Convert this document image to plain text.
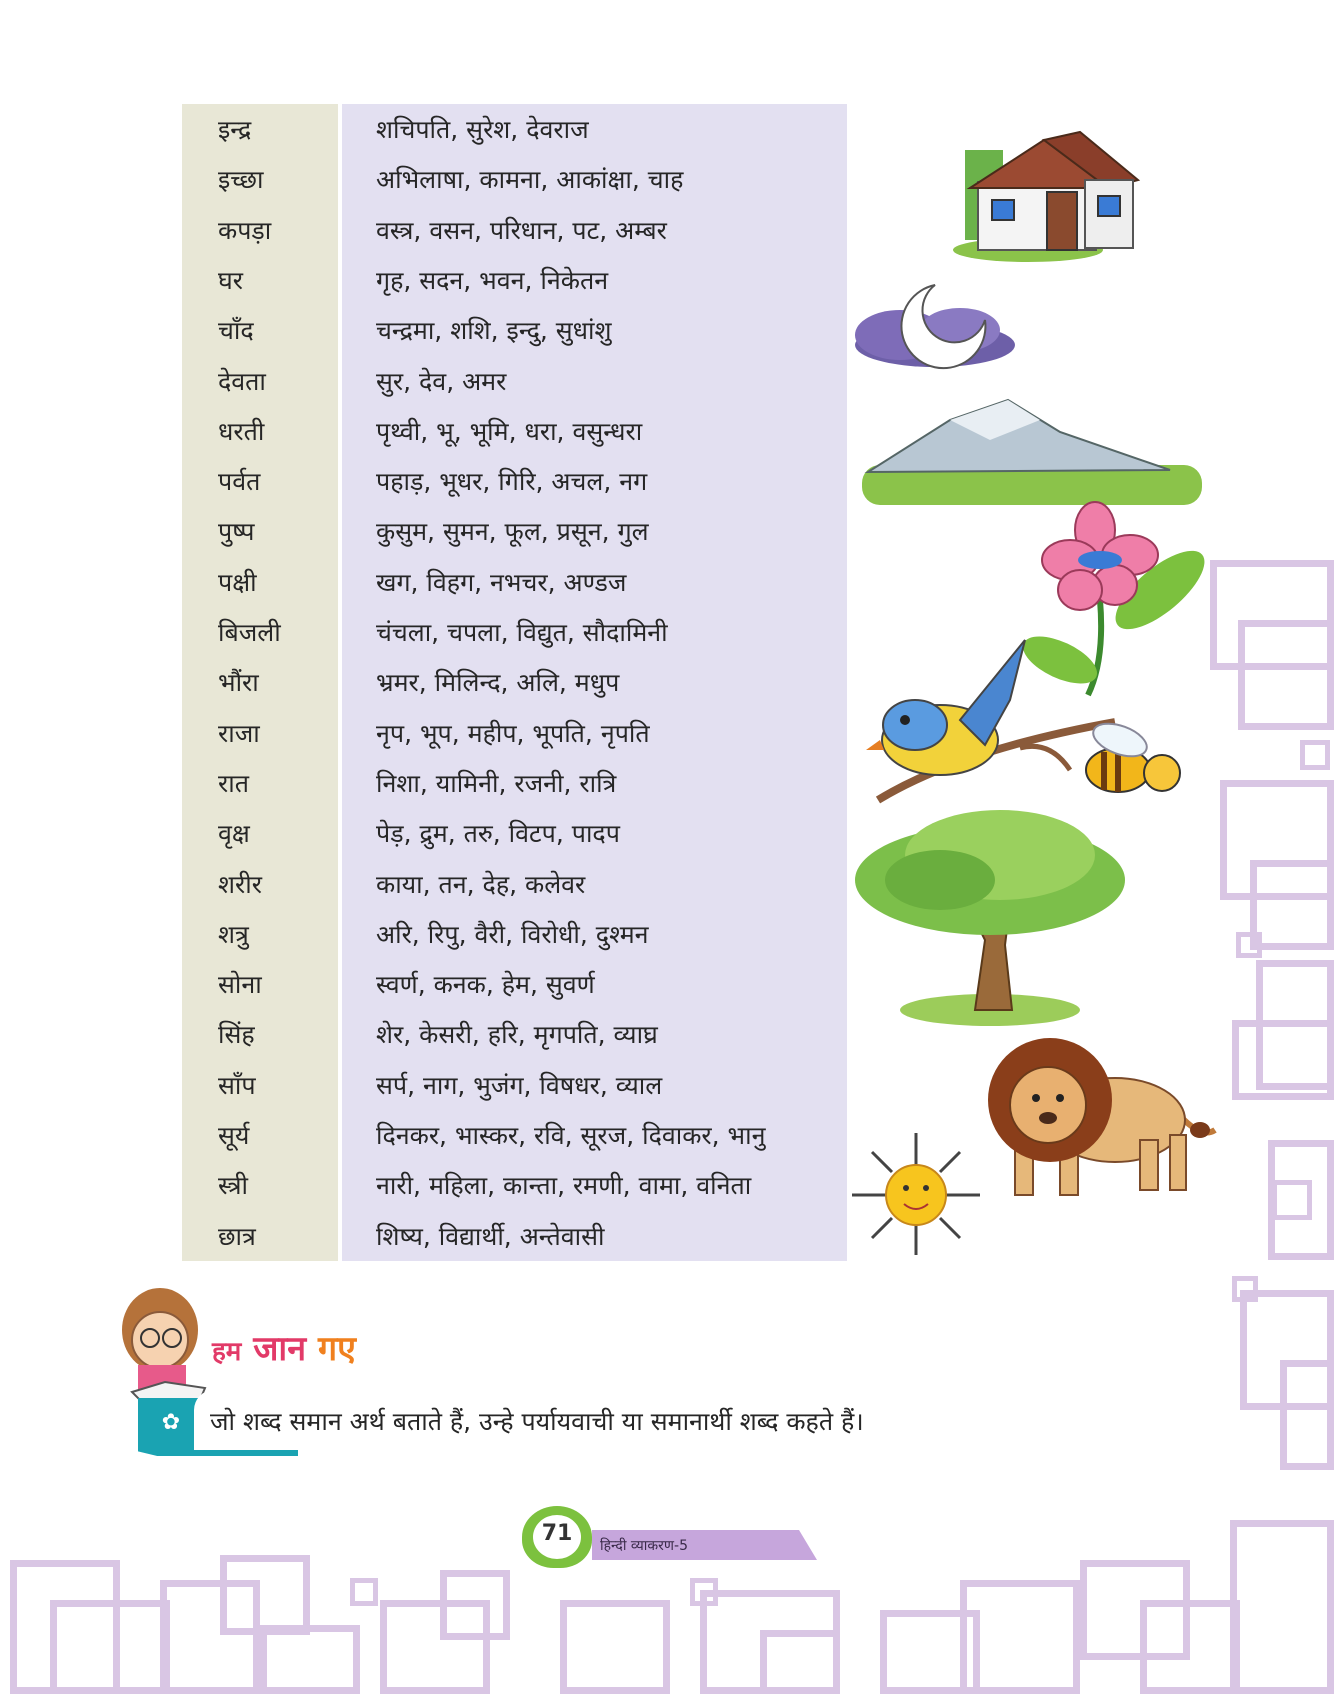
इन्द्र	शचिपति, सुरेश, देवराज
इच्छा	अभिलाषा, कामना, आकांक्षा, चाह
कपड़ा	वस्त्र, वसन, परिधान, पट, अम्बर
घर	गृह, सदन, भवन, निकेतन
चाँद	चन्द्रमा, शशि, इन्दु, सुधांशु
देवता	सुर, देव, अमर
धरती	पृथ्वी, भू, भूमि, धरा, वसुन्धरा
पर्वत	पहाड़, भूधर, गिरि, अचल, नग
पुष्प	कुसुम, सुमन, फूल, प्रसून, गुल
पक्षी	खग, विहग, नभचर, अण्डज
बिजली	चंचला, चपला, विद्युत, सौदामिनी
भौंरा	भ्रमर, मिलिन्द, अलि, मधुप
राजा	नृप, भूप, महीप, भूपति, नृपति
रात	निशा, यामिनी, रजनी, रात्रि
वृक्ष	पेड़, द्रुम, तरु, विटप, पादप
शरीर	काया, तन, देह, कलेवर
शत्रु	अरि, रिपु, वैरी, विरोधी, दुश्मन
सोना	स्वर्ण, कनक, हेम, सुवर्ण
सिंह	शेर, केसरी, हरि, मृगपति, व्याघ्र
साँप	सर्प, नाग, भुजंग, विषधर, व्याल
सूर्य	दिनकर, भास्कर, रवि, सूरज, दिवाकर, भानु
स्त्री	नारी, महिला, कान्ता, रमणी, वामा, वनिता
छात्र	शिष्य, विद्यार्थी, अन्तेवासी
हम जान गए
✿ जो शब्द समान अर्थ बताते हैं, उन्हे पर्यायवाची या समानार्थी शब्द कहते हैं।
हिन्दी व्याकरण-5
71
